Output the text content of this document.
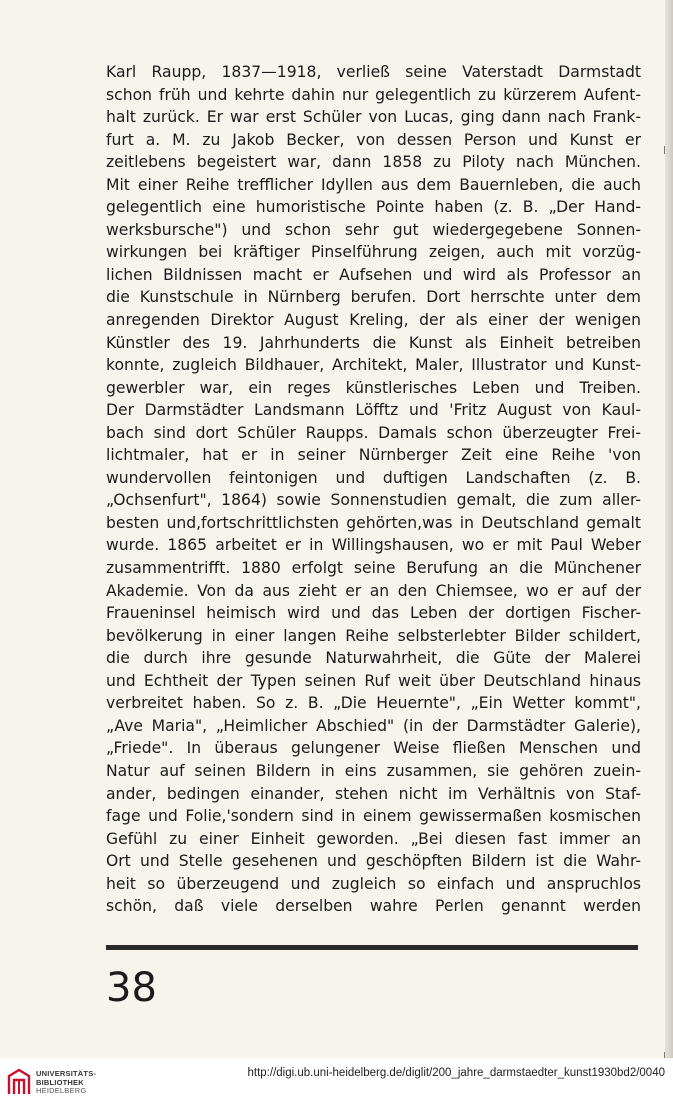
Karl Raupp, 1837—1918, verließ seine Vaterstadt Darmstadt
schon früh und kehrte dahin nur gelegentlich zu kürzerem Aufent-
halt zurück. Er war erst Schüler von Lucas, ging dann nach Frank-
furt a. M. zu Jakob Becker, von dessen Person und Kunst er
zeitlebens begeistert war, dann 1858 zu Piloty nach München.
Mit einer Reihe trefflicher Idyllen aus dem Bauernleben, die auch
gelegentlich eine humoristische Pointe haben (z. B. „Der Hand-
werksbursche") und schon sehr gut wiedergegebene Sonnen-
wirkungen bei kräftiger Pinselführung zeigen, auch mit vorzüg-
lichen Bildnissen macht er Aufsehen und wird als Professor an
die Kunstschule in Nürnberg berufen. Dort herrschte unter dem
anregenden Direktor August Kreling, der als einer der wenigen
Künstler des 19. Jahrhunderts die Kunst als Einheit betreiben
konnte, zugleich Bildhauer, Architekt, Maler, Illustrator und Kunst-
gewerbler war, ein reges künstlerisches Leben und Treiben.
Der Darmstädter Landsmann Löfftz und 'Fritz August von Kaul-
bach sind dort Schüler Raupps. Damals schon überzeugter Frei-
lichtmaler, hat er in seiner Nürnberger Zeit eine Reihe 'von
wundervollen feintonigen und duftigen Landschaften (z. B.
„Ochsenfurt", 1864) sowie Sonnenstudien gemalt, die zum aller-
besten und,fortschrittlichsten gehörten,was in Deutschland gemalt
wurde. 1865 arbeitet er in Willingshausen, wo er mit Paul Weber
zusammentrifft. 1880 erfolgt seine Berufung an die Münchener
Akademie. Von da aus zieht er an den Chiemsee, wo er auf der
Fraueninsel heimisch wird und das Leben der dortigen Fischer-
bevölkerung in einer langen Reihe selbsterlebter Bilder schildert,
die durch ihre gesunde Naturwahrheit, die Güte der Malerei
und Echtheit der Typen seinen Ruf weit über Deutschland hinaus
verbreitet haben. So z. B. „Die Heuernte", „Ein Wetter kommt",
„Ave Maria", „Heimlicher Abschied" (in der Darmstädter Galerie),
„Friede". In überaus gelungener Weise fließen Menschen und
Natur auf seinen Bildern in eins zusammen, sie gehören zuein-
ander, bedingen einander, stehen nicht im Verhältnis von Staf-
fage und Folie,'sondern sind in einem gewissermaßen kosmischen
Gefühl zu einer Einheit geworden. „Bei diesen fast immer an
Ort und Stelle gesehenen und geschöpften Bildern ist die Wahr-
heit so überzeugend und zugleich so einfach und anspruchlos
schön, daß viele derselben wahre Perlen genannt werden
38
UNIVERSITÄTS-
BIBLIOTHEK
HEIDELBERG
http://digi.ub.uni-heidelberg.de/diglit/200_jahre_darmstaedter_kunst1930bd2/0040
